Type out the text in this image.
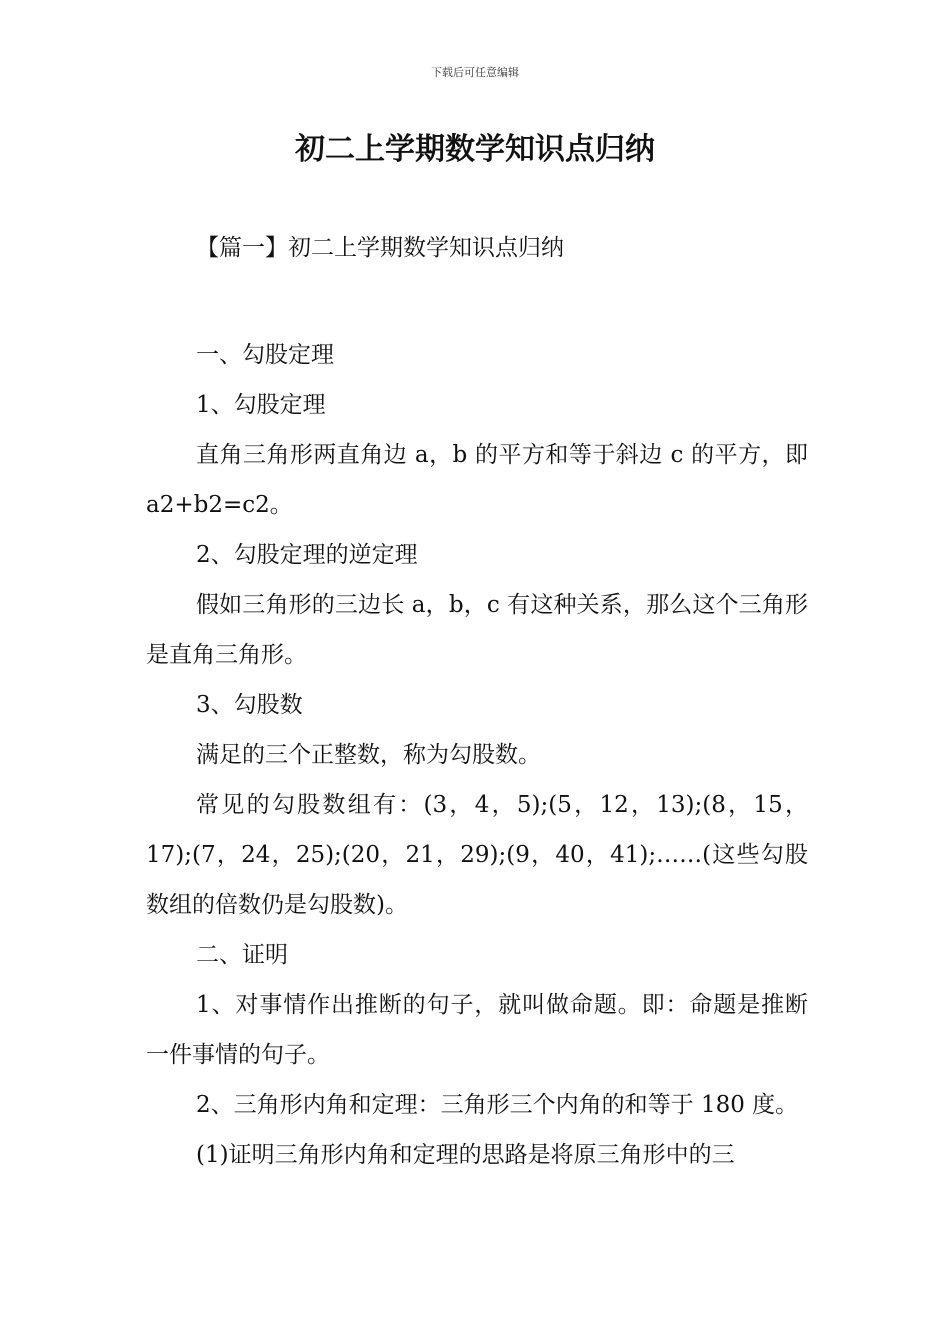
下载后可任意编辑
初二上学期数学知识点归纳
【篇一】初二上学期数学知识点归纳

一、勾股定理

1、勾股定理

直角三角形两直角边 a，b 的平方和等于斜边 c 的平方，即 a2+b2=c2。

2、勾股定理的逆定理

假如三角形的三边长 a，b，c 有这种关系，那么这个三角形是直角三角形。

3、勾股数

满足的三个正整数，称为勾股数。

常见的勾股数组有：(3，4，5);(5，12，13);(8，15，17);(7，24，25);(20，21，29);(9，40，41);……(这些勾股数组的倍数仍是勾股数)。

二、证明

1、对事情作出推断的句子，就叫做命题。即：命题是推断一件事情的句子。

2、三角形内角和定理：三角形三个内角的和等于 180 度。

(1)证明三角形内角和定理的思路是将原三角形中的三
